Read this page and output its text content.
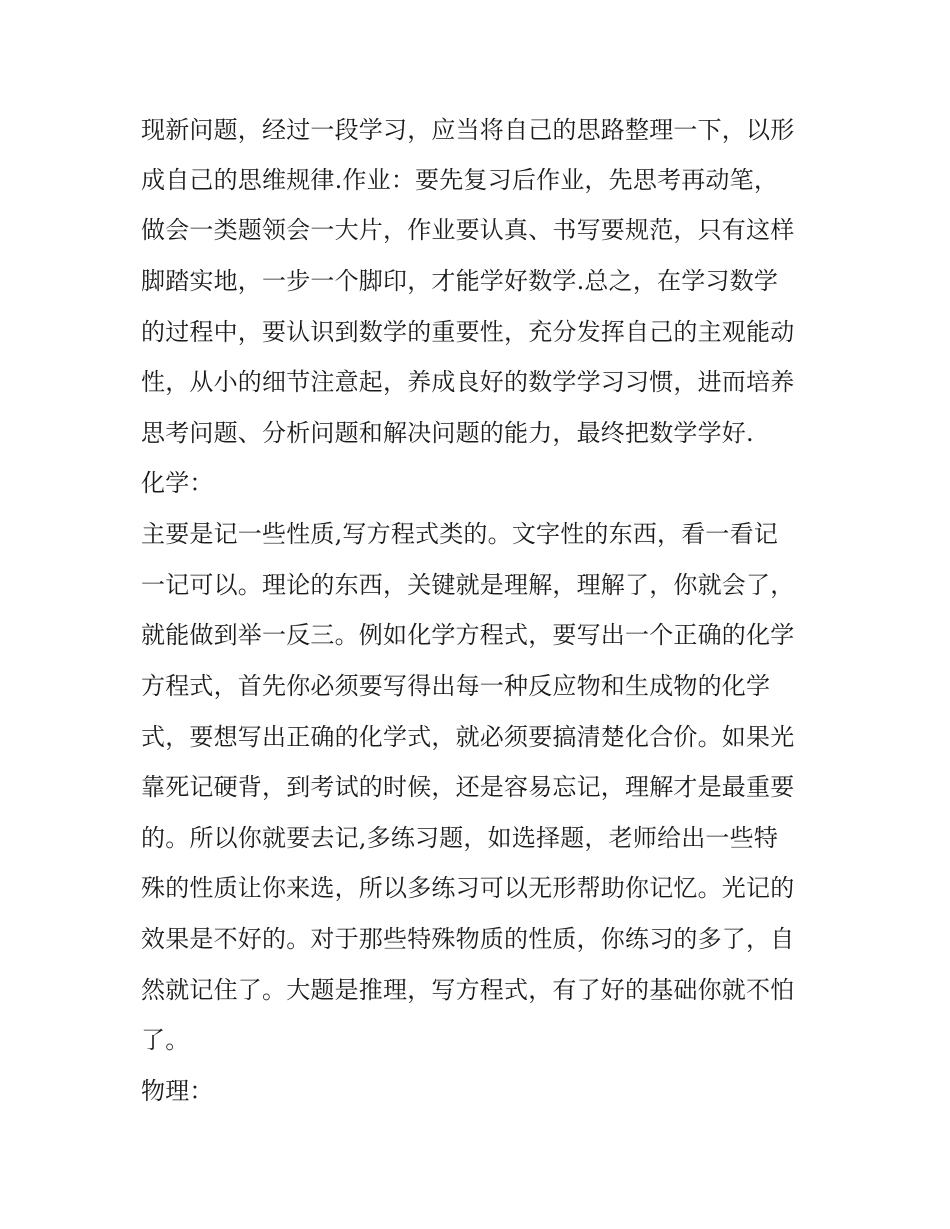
现新问题，经过一段学习，应当将自己的思路整理一下，以形
成自己的思维规律.作业：要先复习后作业，先思考再动笔，
做会一类题领会一大片，作业要认真、书写要规范，只有这样
脚踏实地，一步一个脚印，才能学好数学.总之，在学习数学
的过程中，要认识到数学的重要性，充分发挥自己的主观能动
性，从小的细节注意起，养成良好的数学学习习惯，进而培养
思考问题、分析问题和解决问题的能力，最终把数学学好.
化学：
主要是记一些性质,写方程式类的。文字性的东西，看一看记
一记可以。理论的东西，关键就是理解，理解了，你就会了，
就能做到举一反三。例如化学方程式，要写出一个正确的化学
方程式，首先你必须要写得出每一种反应物和生成物的化学
式，要想写出正确的化学式，就必须要搞清楚化合价。如果光
靠死记硬背，到考试的时候，还是容易忘记，理解才是最重要
的。所以你就要去记,多练习题，如选择题，老师给出一些特
殊的性质让你来选，所以多练习可以无形帮助你记忆。光记的
效果是不好的。对于那些特殊物质的性质，你练习的多了，自
然就记住了。大题是推理，写方程式，有了好的基础你就不怕
了。
物理：
